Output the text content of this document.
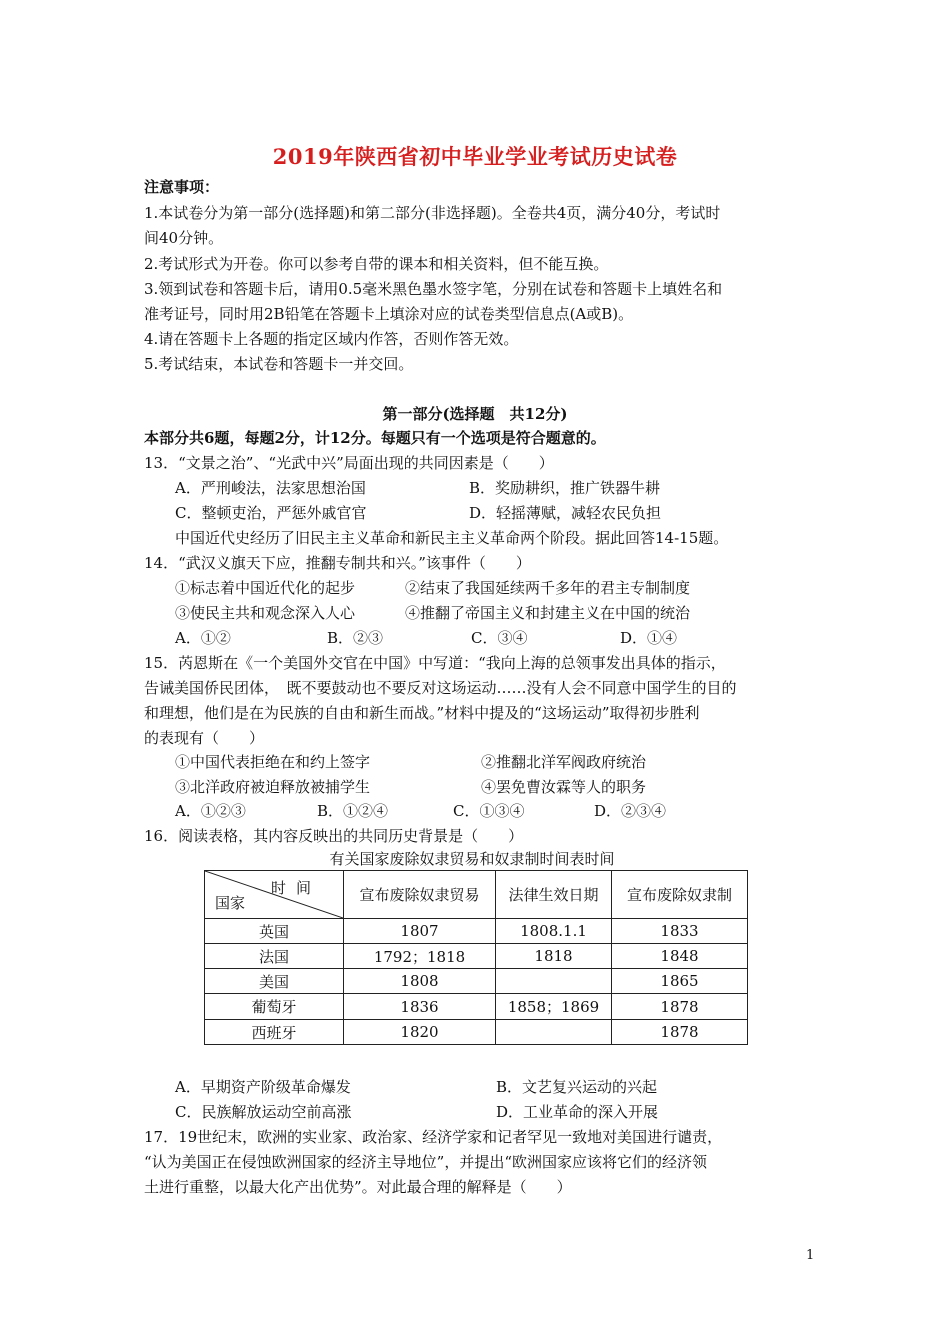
2019年陕西省初中毕业学业考试历史试卷
注意事项：
1.本试卷分为第一部分(选择题)和第二部分(非选择题)。全卷共4页，满分40分，考试时
间40分钟。
2.考试形式为开卷。你可以参考自带的课本和相关资料，但不能互换。
3.领到试卷和答题卡后，请用0.5毫米黑色墨水签字笔，分别在试卷和答题卡上填姓名和
准考证号，同时用2B铅笔在答题卡上填涂对应的试卷类型信息点(A或B)。
4.请在答题卡上各题的指定区域内作答，否则作答无效。
5.考试结束，本试卷和答题卡一并交回。
第一部分(选择题　共12分)
本部分共6题，每题2分，计12分。每题只有一个选项是符合题意的。
13．“文景之治”、“光武中兴”局面出现的共同因素是（　　）
A．严刑峻法，法家思想治国	B．奖励耕织，推广铁器牛耕
C．整顿吏治，严惩外戚官官	D．轻摇薄赋，减轻农民负担
中国近代史经历了旧民主主义革命和新民主主义革命两个阶段。据此回答14-15题。
14．“武汉义旗天下应，推翻专制共和兴。”该事件（　　）
①标志着中国近代化的起步	②结束了我国延续两千多年的君主专制制度
③使民主共和观念深入人心	④推翻了帝国主义和封建主义在中国的统治
A．①②	B．②③	C．③④	D．①④
15．芮恩斯在《一个美国外交官在中国》中写道：“我向上海的总领事发出具体的指示，
告诫美国侨民团体，　既不要鼓动也不要反对这场运动……没有人会不同意中国学生的目的
和理想，他们是在为民族的自由和新生而战。”材料中提及的“这场运动”取得初步胜利
的表现有（　　）
①中国代表拒绝在和约上签字	②推翻北洋军阀政府统治
③北洋政府被迫释放被捕学生	④罢免曹汝霖等人的职务
A．①②③	B．①②④	C．①③④	D．②③④
16．阅读表格，其内容反映出的共同历史背景是（　　）
有关国家废除奴隶贸易和奴隶制时间表时间
时间
国家	宣布废除奴隶贸易	法律生效日期	宣布废除奴隶制
英国	1807	1808.1.1	1833
法国	1792；1818	1818	1848
美国	1808		1865
葡萄牙	1836	1858；1869	1878
西班牙	1820		1878
A．早期资产阶级革命爆发	B．文艺复兴运动的兴起
C．民族解放运动空前高涨	D．工业革命的深入开展
17．19世纪末，欧洲的实业家、政治家、经济学家和记者罕见一致地对美国进行谴责，
“认为美国正在侵蚀欧洲国家的经济主导地位”，并提出“欧洲国家应该将它们的经济领
土进行重整，以最大化产出优势”。对此最合理的解释是（　　）
1
